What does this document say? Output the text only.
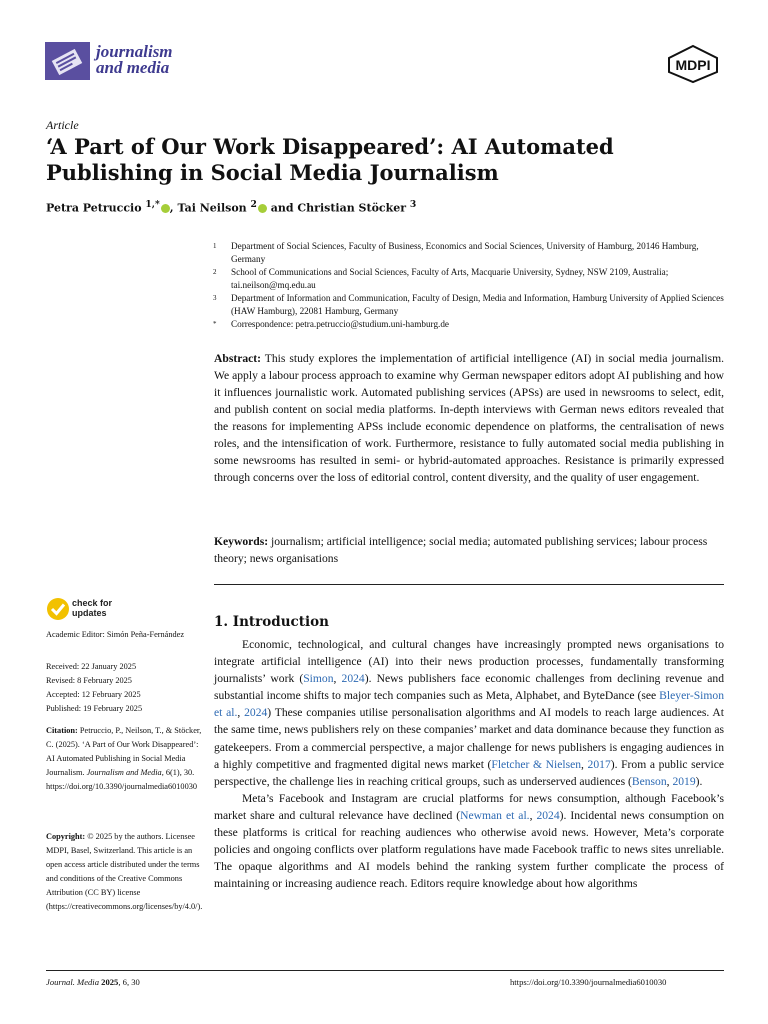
journalism
and media	MDPI
Article
‘A Part of Our Work Disappeared’: AI Automated Publishing in Social Media Journalism
Petra Petruccio $^{1,*}$ , Tai Neilson $^2$ and Christian Stöcker $^3$
1	Department of Social Sciences, Faculty of Business, Economics and Social Sciences, University of Hamburg, 20146 Hamburg, Germany
2	School of Communications and Social Sciences, Faculty of Arts, Macquarie University, Sydney, NSW 2109, Australia; tai.neilson@mq.edu.au
3	Department of Information and Communication, Faculty of Design, Media and Information, Hamburg University of Applied Sciences (HAW Hamburg), 22081 Hamburg, Germany
*	Correspondence: petra.petruccio@studium.uni-hamburg.de
Abstract: This study explores the implementation of artificial intelligence (AI) in social media journalism. We apply a labour process approach to examine why German newspaper editors adopt AI publishing and how it influences journalistic work. Automated publishing services (APSs) are used in newsrooms to select, edit, and publish content on social media platforms. In-depth interviews with German news editors revealed that the reasons for implementing APSs include economic dependence on platforms, the centralisation of news roles, and the intensification of work. Furthermore, resistance to fully automated social media publishing in some newsrooms has resulted in semi- or hybrid-automated approaches. Resistance is primarily expressed through concerns over the loss of editorial control, content diversity, and the quality of user engagement.
Keywords: journalism; artificial intelligence; social media; automated publishing services; labour process theory; news organisations
check for
updates
Academic Editor: Simón Peña-Fernández
Received: 22 January 2025
Revised: 8 February 2025
Accepted: 12 February 2025
Published: 19 February 2025
Citation: Petruccio, P., Neilson, T., & Stöcker, C. (2025). ‘A Part of Our Work Disappeared’: AI Automated Publishing in Social Media Journalism. Journalism and Media, 6(1), 30. https://doi.org/10.3390/journalmedia6010030
Copyright: © 2025 by the authors. Licensee MDPI, Basel, Switzerland. This article is an open access article distributed under the terms and conditions of the Creative Commons Attribution (CC BY) license (https://creativecommons.org/licenses/by/4.0/).
1. Introduction

Economic, technological, and cultural changes have increasingly prompted news organisations to integrate artificial intelligence (AI) into their news production processes, fundamentally transforming journalists’ work (Simon, 2024). News publishers face economic challenges from declining revenue and substantial income shifts to major tech companies such as Meta, Alphabet, and ByteDance (see Bleyer-Simon et al., 2024) These companies utilise personalisation algorithms and AI models to reach large audiences. At the same time, news publishers rely on these companies’ market and data dominance because they function as gatekeepers. From a commercial perspective, a major challenge for news publishers is engaging audiences in a highly competitive and fragmented digital news market (Fletcher & Nielsen, 2017). From a public service perspective, the challenge lies in reaching critical groups, such as underserved audiences (Benson, 2019).

Meta’s Facebook and Instagram are crucial platforms for news consumption, although Facebook’s market share and cultural relevance have declined (Newman et al., 2024). Incidental news consumption on these platforms is critical for reaching audiences who otherwise avoid news. However, Meta’s corporate policies and ongoing conflicts over platform regulations have made Facebook traffic to news sites unreliable. The opaque algorithms and AI models behind the ranking system further complicate the process of maintaining or increasing audience reach. Editors require knowledge about how algorithms

Journal. Media 2025, 6, 30	https://doi.org/10.3390/journalmedia6010030
